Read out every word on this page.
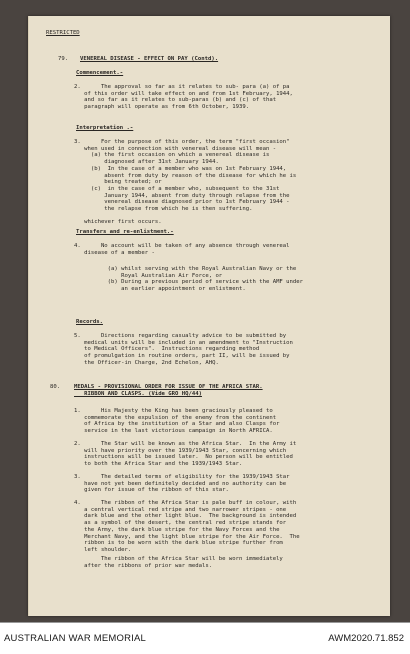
RESTRICTED

79. VENEREAL DISEASE - EFFECT ON PAY (Contd).

Commencement.-

2.      The approval so far as it relates to sub- para (a) of pa
of this order will take effect on and from 1st February, 1944,
and so far as it relates to sub-paras (b) and (c) of that
paragraph will operate as from 6th October, 1939.

Interpretation .-

3.      For the purpose of this order, the term "first occasion"
when used in connection with venereal disease will mean -
(a) the first occasion on which a venereal disease is
diagnosed after 31st January 1944.
(b)  In the case of a member who was on 1st February 1944,
absent from duty by reason of the disease for which he is
being treated; or
(c)  in the case of a member who, subsequent to the 31st
January 1944, absent from duty through relapse from the
venereal disease diagnosed prior to 1st February 1944 -
the relapse from which he is then suffering.

whichever first occurs.

Transfers and re-enlistment.-

4.      No account will be taken of any absence through venereal
disease of a member -

(a) whilst serving with the Royal Australian Navy or the
Royal Australian Air Force, or
(b) During a previous period of service with the AMF under
an earlier appointment or enlistment.

Records.

5.      Directions regarding casualty advice to be submitted by
medical units will be included in an amendment to "Instruction
to Medical Officers".  Instructions regarding method
of promulgation in routine orders, part II, will be issued by
the Officer-in Charge, 2nd Echelon, AHQ.

80. MEDALS - PROVISIONAL ORDER FOR ISSUE OF THE AFRICA STAR.
RIBBON AND CLASPS. (Vide GRO HQ/44)

1.      His Majesty the King has been graciously pleased to
commemorate the expulsion of the enemy from the continent
of Africa by the institution of a Star and also Clasps for
service in the last victorious campaign in North AFRICA.

2.      The Star will be known as the Africa Star.  In the Army it
will have priority over the 1939/1943 Star, concerning which
instructions will be issued later.  No person will be entitled
to both the Africa Star and the 1939/1943 Star.

3.      The detailed terms of eligibility for the 1939/1943 Star
have not yet been definitely decided and no authority can be
given for issue of the ribbon of this star.

4.      The ribbon of the Africa Star is pale buff in colour, with
a central vertical red stripe and two narrower stripes - one
dark blue and the other light blue.  The background is intended
as a symbol of the desert, the central red stripe stands for
the Army, the dark blue stripe for the Navy Forces and the
Merchant Navy, and the light blue stripe for the Air Force.  The
ribbon is to be worn with the dark blue stripe further from
left shoulder.

The ribbon of the Africa Star will be worn immediately
after the ribbons of prior war medals.

AUSTRALIAN WAR MEMORIAL	AWM2020.71.852
